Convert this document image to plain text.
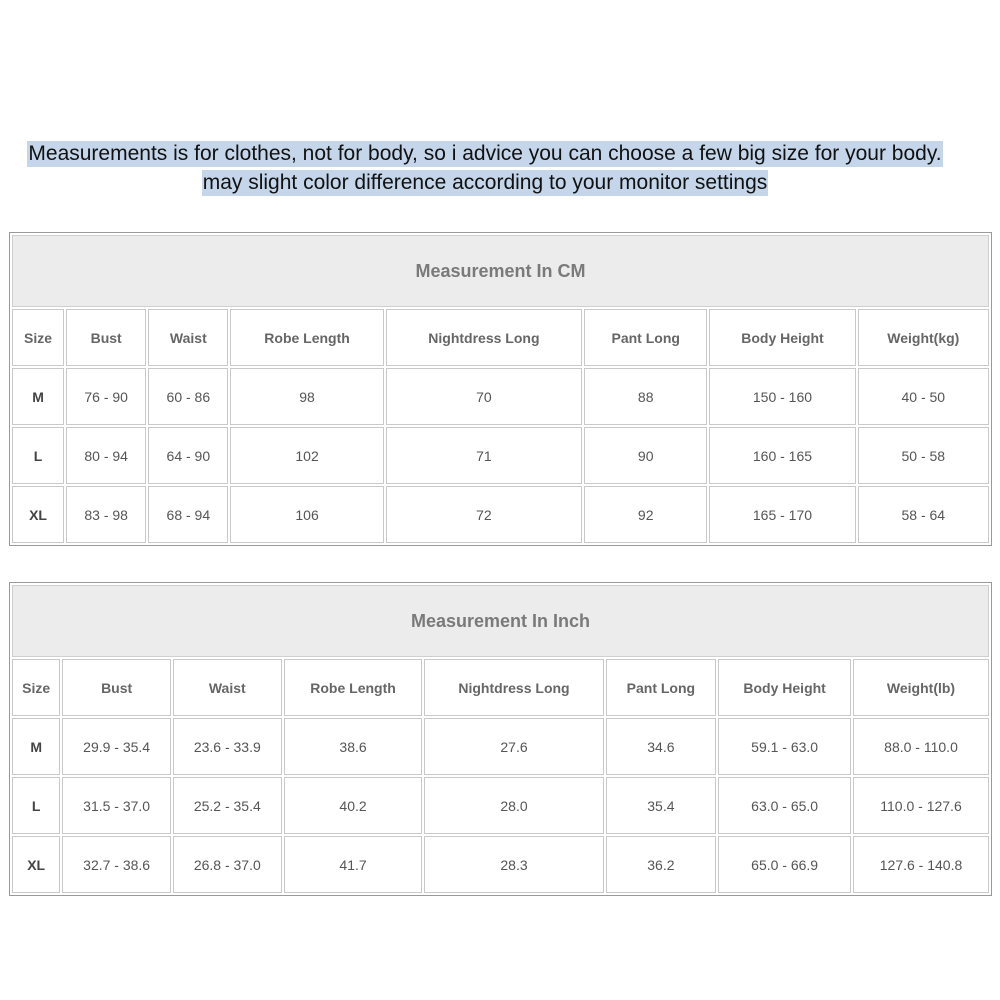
Measurements is for clothes, not for body, so i advice you can choose a few big size for your body.
may slight color difference according to your monitor settings
Measurement In CM							
Size	Bust	Waist	Robe Length	Nightdress Long	Pant Long	Body Height	Weight(kg)
M	76 - 90	60 - 86	98	70	88	150 - 160	40 - 50
L	80 - 94	64 - 90	102	71	90	160 - 165	50 - 58
XL	83 - 98	68 - 94	106	72	92	165 - 170	58 - 64
Measurement In Inch							
Size	Bust	Waist	Robe Length	Nightdress Long	Pant Long	Body Height	Weight(lb)
M	29.9 - 35.4	23.6 - 33.9	38.6	27.6	34.6	59.1 - 63.0	88.0 - 110.0
L	31.5 - 37.0	25.2 - 35.4	40.2	28.0	35.4	63.0 - 65.0	110.0 - 127.6
XL	32.7 - 38.6	26.8 - 37.0	41.7	28.3	36.2	65.0 - 66.9	127.6 - 140.8
